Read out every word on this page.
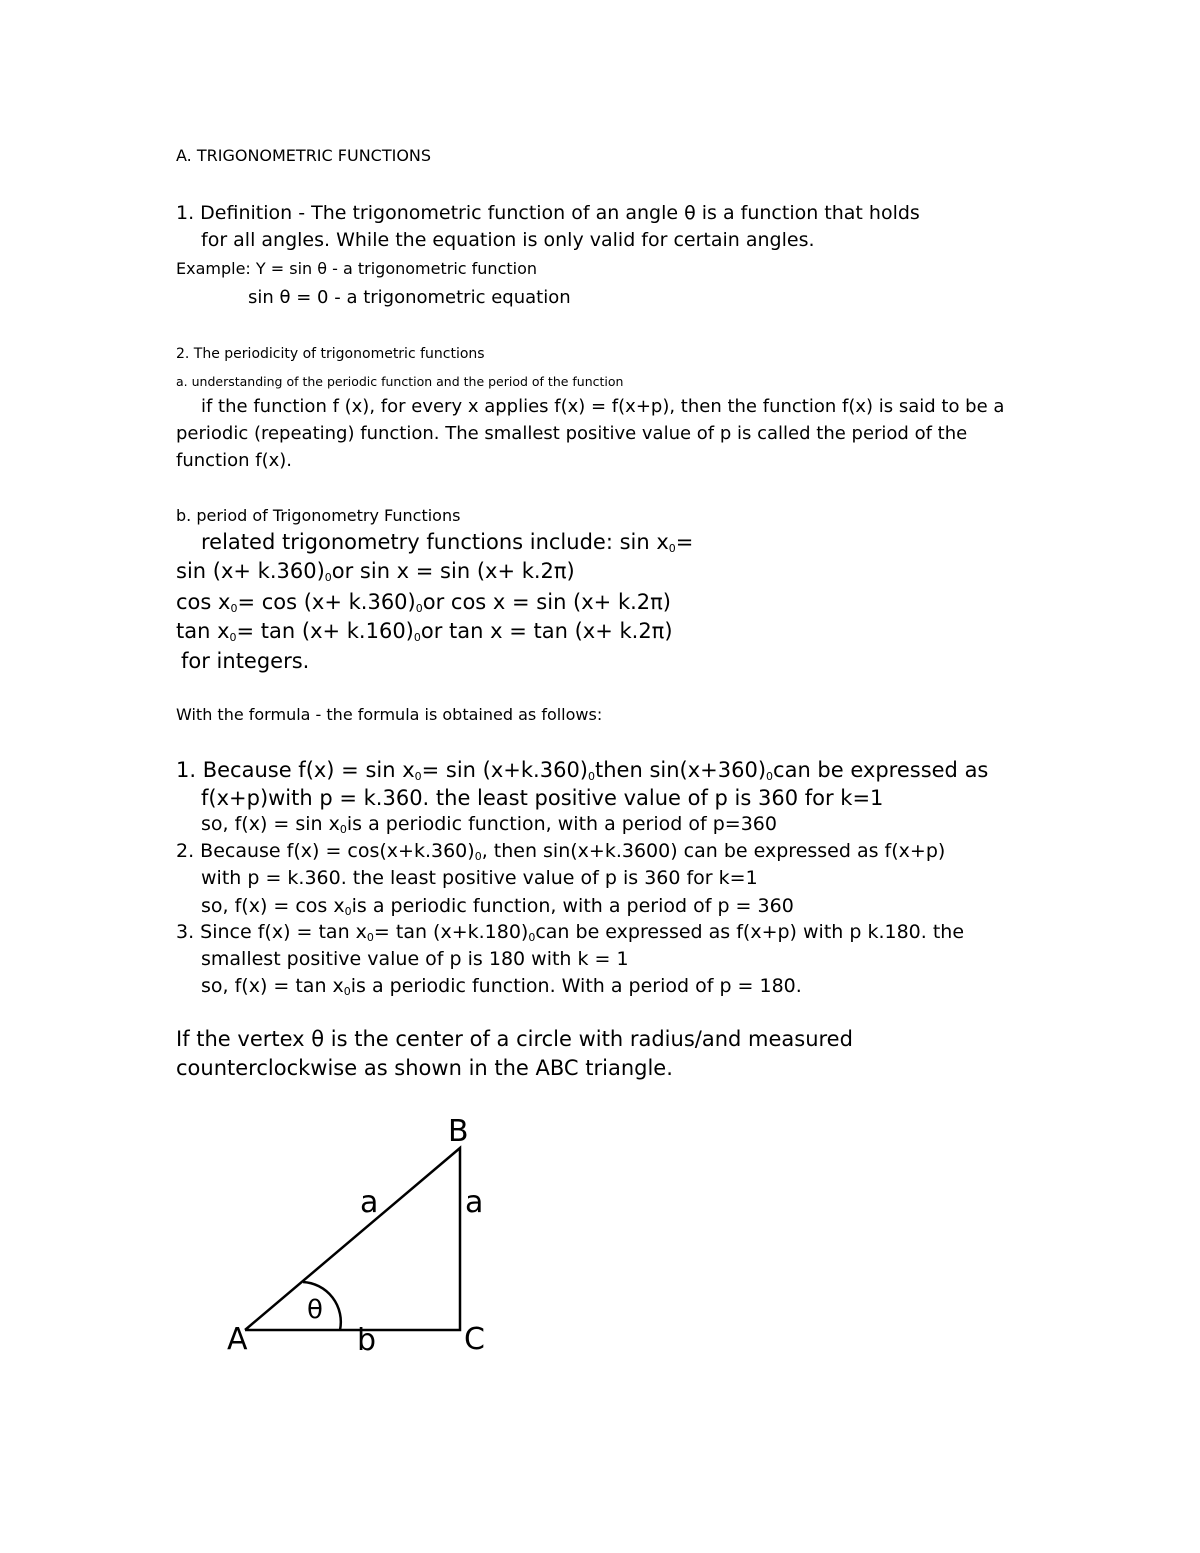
A. TRIGONOMETRIC FUNCTIONS
1. Definition - The trigonometric function of an angle θ is a function that holds
for all angles. While the equation is only valid for certain angles.
Example: Y = sin θ - a trigonometric function
sin θ = 0 - a trigonometric equation
2. The periodicity of trigonometric functions
a. understanding of the periodic function and the period of the function
if the function f (x), for every x applies f(x) = f(x+p), then the function f(x) is said to be a
periodic (repeating) function. The smallest positive value of p is called the period of the
function f(x).
b. period of Trigonometry Functions
related trigonometry functions include: $\sin x_0=$
$\sin (x+ k.360)_0or$ sin x = sin (x+ k.2π)
$\cos x_0= \cos (x+ k.360)_0or$ cos x = sin (x+ k.2π)
$\tan x_0= \tan (x+ k.160)_0or$ tan x = tan (x+ k.2π)
for integers.
With the formula - the formula is obtained as follows:
1. Because $f(x) = \sin x_0= \sin$ $(x+k.360)_0then$ $\sin(x+360)_0can$ be expressed as
f(x+p)with p = k.360. the least positive value of p is 360 for k=1
so, $f(x) = \sin x_0is$ a periodic function, with a period of p=360
2. Because $f(x) = \cos(x+k.360)_0$, then sin(x+k.3600) can be expressed as f(x+p)
with p = k.360. the least positive value of p is 360 for k=1
so, $f(x) = \cos x_0is$ a periodic function, with a period of p = 360
3. Since $f(x) = \tan x_0= \tan (x+k.180)_0can$ be expressed as f(x+p) with p k.180. the
smallest positive value of p is 180 with k = 1
so, $f(x) = \tan x_0is$ a periodic function. With a period of p = 180.
If the vertex θ is the center of a circle with radius/and measured
counterclockwise as shown in the ABC triangle.
A
B
C
a	a
b
θ
